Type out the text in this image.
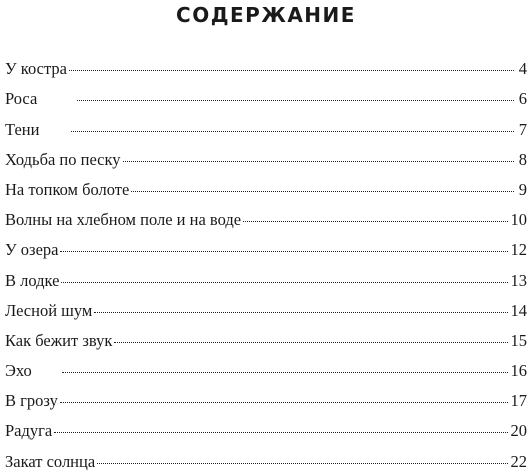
СОДЕРЖАНИЕ
У костра	4
Роса	6
Тени	7
Ходьба по песку	8
На топком болоте	9
Волны на хлебном поле и на воде	10
У озера	12
В лодке	13
Лесной шум	14
Как бежит звук	15
Эхо	16
В грозу	17
Радуга	20
Закат солнца	22
